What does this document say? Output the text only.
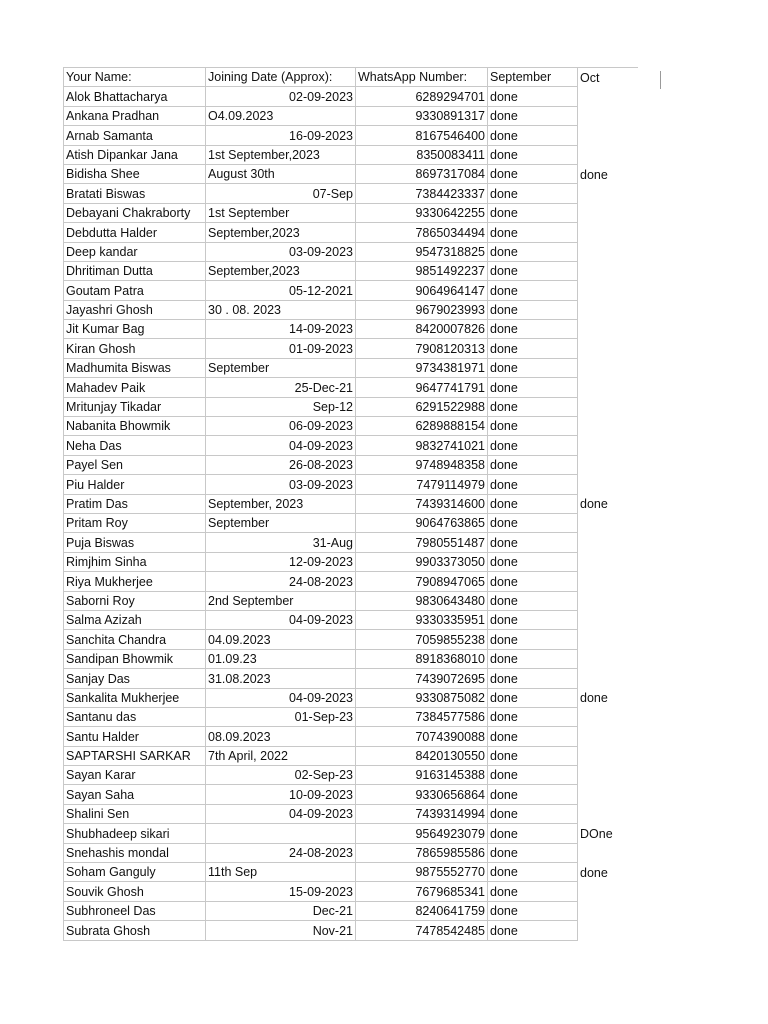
Your Name:	Joining Date (Approx):	WhatsApp Number:	September	Oct
Alok Bhattacharya	02-09-2023	6289294701	done	
Ankana Pradhan	O4.09.2023	9330891317	done	
Arnab Samanta	16-09-2023	8167546400	done	
Atish Dipankar Jana	1st September,2023	8350083411	done	
Bidisha Shee	August 30th	8697317084	done	done
Bratati Biswas	07-Sep	7384423337	done	
Debayani Chakraborty	1st September	9330642255	done	
Debdutta Halder	September,2023	7865034494	done	
Deep kandar	03-09-2023	9547318825	done	
Dhritiman Dutta	September,2023	9851492237	done	
Goutam Patra	05-12-2021	9064964147	done	
Jayashri Ghosh	30 . 08. 2023	9679023993	done	
Jit Kumar Bag	14-09-2023	8420007826	done	
Kiran Ghosh	01-09-2023	7908120313	done	
Madhumita Biswas	September	9734381971	done	
Mahadev Paik	25-Dec-21	9647741791	done	
Mritunjay Tikadar	Sep-12	6291522988	done	
Nabanita Bhowmik	06-09-2023	6289888154	done	
Neha Das	04-09-2023	9832741021	done	
Payel Sen	26-08-2023	9748948358	done	
Piu Halder	03-09-2023	7479114979	done	
Pratim Das	September, 2023	7439314600	done	done
Pritam Roy	September	9064763865	done	
Puja Biswas	31-Aug	7980551487	done	
Rimjhim Sinha	12-09-2023	9903373050	done	
Riya Mukherjee	24-08-2023	7908947065	done	
Saborni Roy	2nd September	9830643480	done	
Salma Azizah	04-09-2023	9330335951	done	
Sanchita Chandra	04.09.2023	7059855238	done	
Sandipan Bhowmik	01.09.23	8918368010	done	
Sanjay Das	31.08.2023	7439072695	done	
Sankalita Mukherjee	04-09-2023	9330875082	done	done
Santanu das	01-Sep-23	7384577586	done	
Santu Halder	08.09.2023	7074390088	done	
SAPTARSHI SARKAR	7th April, 2022	8420130550	done	
Sayan Karar	02-Sep-23	9163145388	done	
Sayan Saha	10-09-2023	9330656864	done	
Shalini Sen	04-09-2023	7439314994	done	
Shubhadeep sikari		9564923079	done	DOne
Snehashis mondal	24-08-2023	7865985586	done	
Soham Ganguly	11th Sep	9875552770	done	done
Souvik Ghosh	15-09-2023	7679685341	done	
Subhroneel Das	Dec-21	8240641759	done	
Subrata Ghosh	Nov-21	7478542485	done	
